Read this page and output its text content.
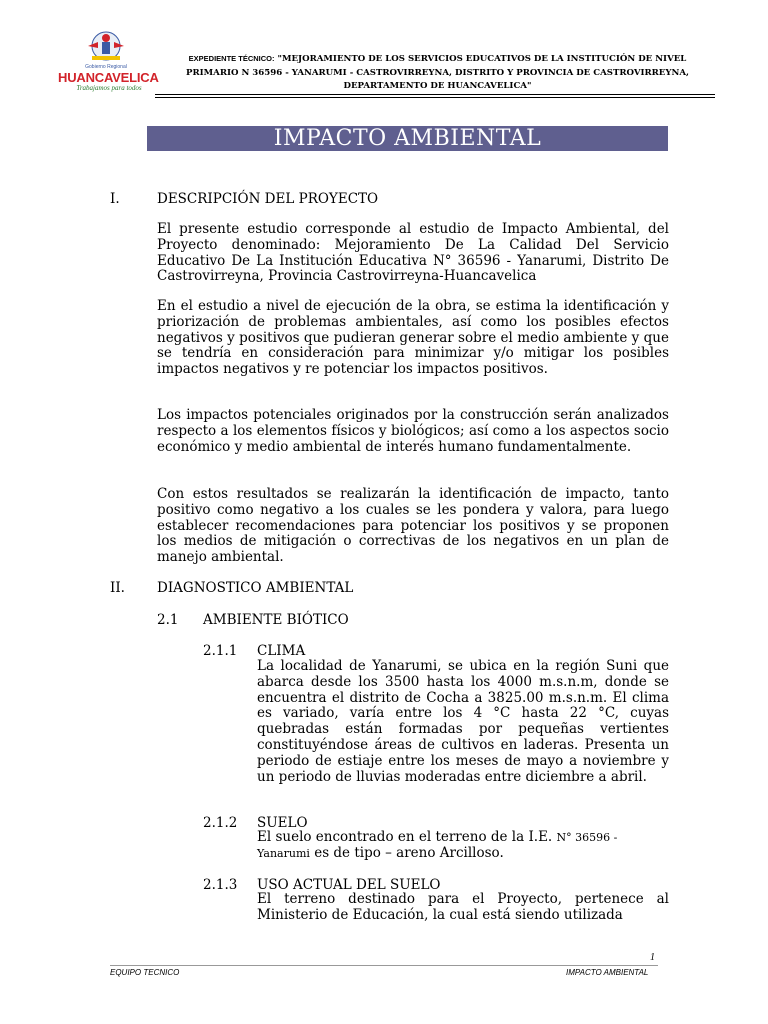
Gobierno Regional
HUANCAVELICA
Trabajamos para todos
EXPEDIENTE TÉCNICO: "MEJORAMIENTO DE LOS SERVICIOS EDUCATIVOS DE LA INSTITUCIÓN DE NIVEL
PRIMARIO N 36596 - YANARUMI - CASTROVIRREYNA, DISTRITO Y PROVINCIA DE CASTROVIRREYNA,
DEPARTAMENTO DE HUANCAVELICA"
IMPACTO AMBIENTAL
I.	DESCRIPCIÓN DEL PROYECTO
El presente estudio corresponde al estudio de Impacto Ambiental, del Proyecto denominado: Mejoramiento De La Calidad Del Servicio Educativo De La Institución Educativa N° 36596 - Yanarumi, Distrito De Castrovirreyna, Provincia Castrovirreyna-Huancavelica
En el estudio a nivel de ejecución de la obra, se estima la identificación y priorización de problemas ambientales, así como los posibles efectos negativos y positivos que pudieran generar sobre el medio ambiente y que se tendría en consideración para minimizar y/o mitigar los posibles impactos negativos y re potenciar los impactos positivos.
Los impactos potenciales originados por la construcción serán analizados respecto a los elementos físicos y biológicos; así como a los aspectos socio económico y medio ambiental de interés humano fundamentalmente.
Con estos resultados se realizarán la identificación de impacto, tanto positivo como negativo a los cuales se les pondera y valora, para luego establecer recomendaciones para potenciar los positivos y se proponen los medios de mitigación o correctivas de los negativos en un plan de manejo ambiental.
II. DIAGNOSTICO AMBIENTAL
2.1 AMBIENTE BIÓTICO
2.1.1 CLIMA
La localidad de Yanarumi, se ubica en la región Suni que abarca desde los 3500 hasta los 4000 m.s.n.m, donde se encuentra el distrito de Cocha a 3825.00 m.s.n.m. El clima es variado, varía entre los 4 °C hasta 22 °C, cuyas quebradas están formadas por pequeñas vertientes constituyéndose áreas de cultivos en laderas. Presenta un periodo de estiaje entre los meses de mayo a noviembre y un periodo de lluvias moderadas entre diciembre a abril.
2.1.2 SUELO
El suelo encontrado en el terreno de la I.E. N° 36596 -
Yanarumi es de tipo – areno Arcilloso.
2.1.3 USO ACTUAL DEL SUELO
El terreno destinado para el Proyecto, pertenece al Ministerio de Educación, la cual está siendo utilizada
1
EQUIPO TECNICO	IMPACTO AMBIENTAL
